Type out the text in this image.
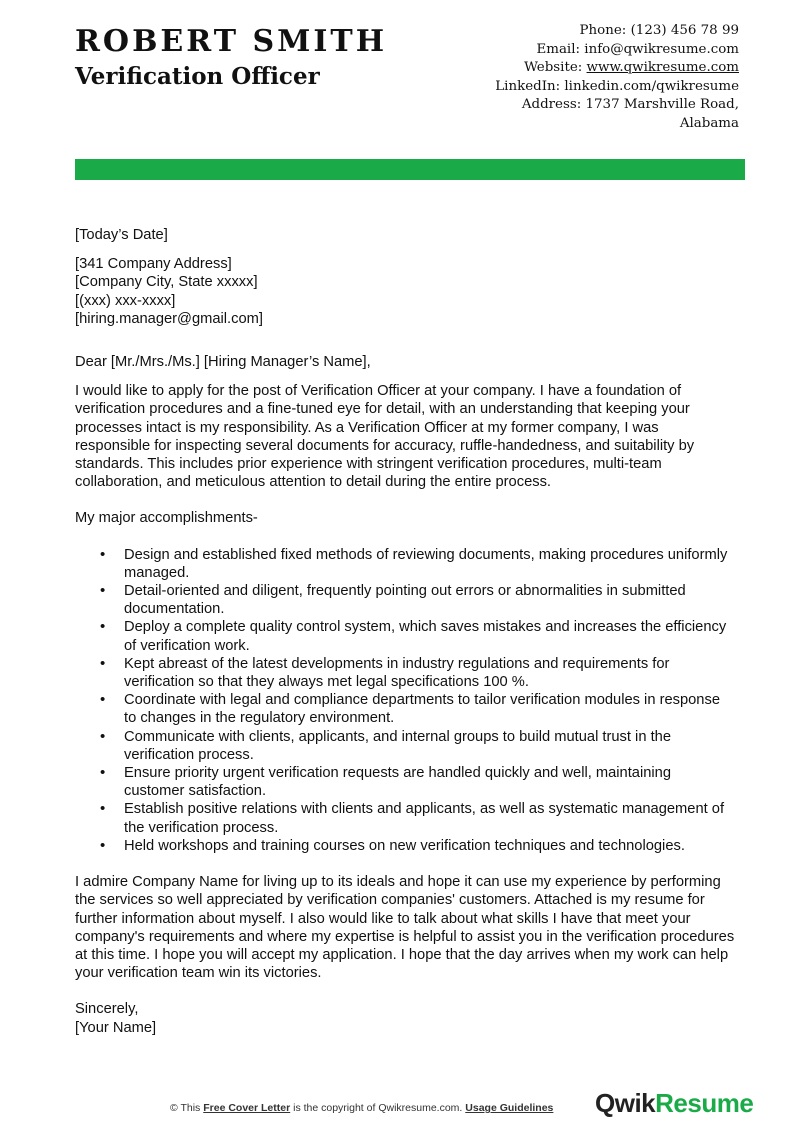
ROBERT SMITH
Verification Officer
Phone: (123) 456 78 99
Email: info@qwikresume.com
Website: www.qwikresume.com
LinkedIn: linkedin.com/qwikresume
Address: 1737 Marshville Road,
Alabama

[Today’s Date]

[341 Company Address]

[Company City, State xxxxx]

[(xxx) xxx-xxxx]

[hiring.manager@gmail.com]

Dear [Mr./Mrs./Ms.] [Hiring Manager’s Name],

I would like to apply for the post of Verification Officer at your company. I have a foundation of verification procedures and a fine-tuned eye for detail, with an understanding that keeping your processes intact is my responsibility. As a Verification Officer at my former company, I was responsible for inspecting several documents for accuracy, ruffle-handedness, and suitability by standards. This includes prior experience with stringent verification procedures, multi-team collaboration, and meticulous attention to detail during the entire process.

My major accomplishments-

• Design and established fixed methods of reviewing documents, making procedures uniformly managed.
• Detail-oriented and diligent, frequently pointing out errors or abnormalities in submitted documentation.
• Deploy a complete quality control system, which saves mistakes and increases the efficiency of verification work.
• Kept abreast of the latest developments in industry regulations and requirements for verification so that they always met legal specifications 100 %.
• Coordinate with legal and compliance departments to tailor verification modules in response to changes in the regulatory environment.
• Communicate with clients, applicants, and internal groups to build mutual trust in the verification process.
• Ensure priority urgent verification requests are handled quickly and well, maintaining customer satisfaction.
• Establish positive relations with clients and applicants, as well as systematic management of the verification process.
• Held workshops and training courses on new verification techniques and technologies.

I admire Company Name for living up to its ideals and hope it can use my experience by performing the services so well appreciated by verification companies' customers. Attached is my resume for further information about myself. I also would like to talk about what skills I have that meet your company's requirements and where my expertise is helpful to assist you in the verification procedures at this time. I hope you will accept my application. I hope that the day arrives when my work can help your verification team win its victories.

Sincerely,

[Your Name]

© This Free Cover Letter is the copyright of Qwikresume.com. Usage Guidelines QwikResume
